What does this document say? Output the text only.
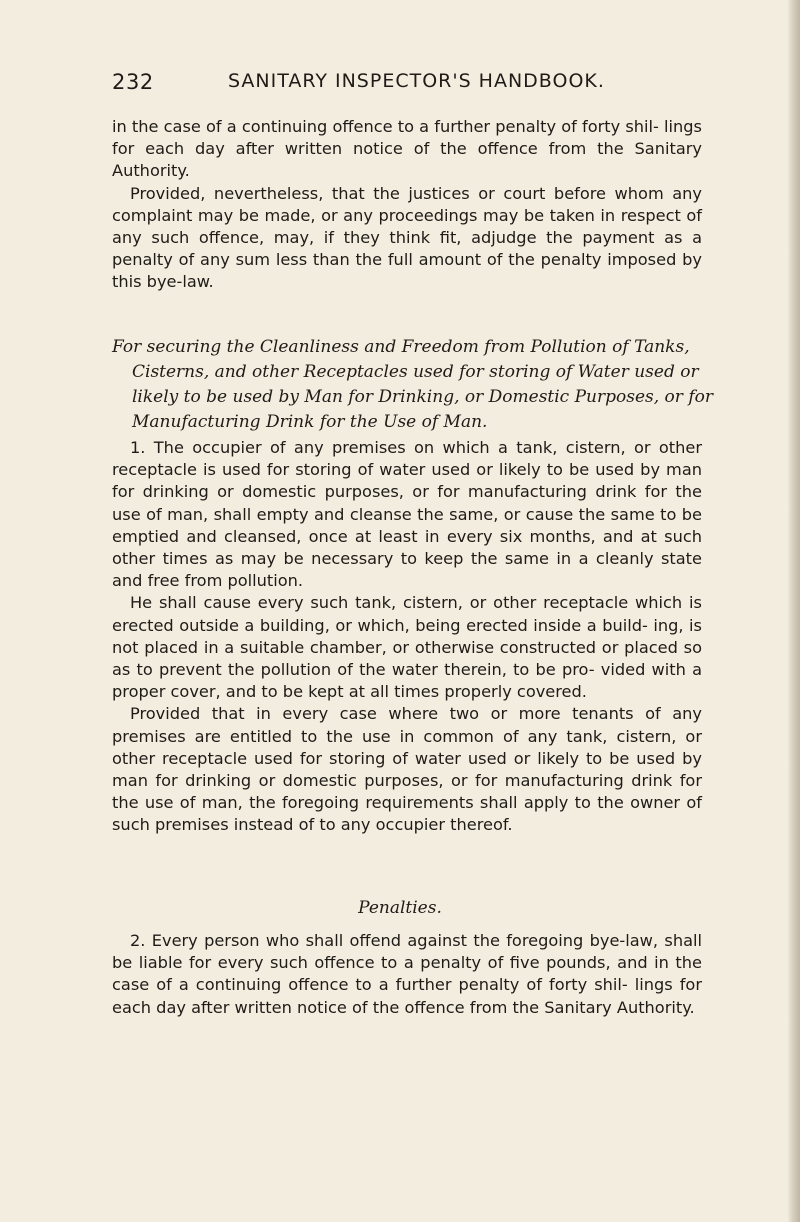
232	SANITARY INSPECTOR'S HANDBOOK.

in the case of a continuing offence to a further penalty of forty shil- lings for each day after written notice of the offence from the Sanitary Authority.

Provided, nevertheless, that the justices or court before whom any complaint may be made, or any proceedings may be taken in respect of any such offence, may, if they think fit, adjudge the payment as a penalty of any sum less than the full amount of the penalty imposed by this bye-law.

For securing the Cleanliness and Freedom from Pollution of Tanks, Cisterns, and other Receptacles used for storing of Water used or likely to be used by Man for Drinking, or Domestic Purposes, or for Manufacturing Drink for the Use of Man.

1. The occupier of any premises on which a tank, cistern, or other receptacle is used for storing of water used or likely to be used by man for drinking or domestic purposes, or for manufacturing drink for the use of man, shall empty and cleanse the same, or cause the same to be emptied and cleansed, once at least in every six months, and at such other times as may be necessary to keep the same in a cleanly state and free from pollution.

He shall cause every such tank, cistern, or other receptacle which is erected outside a building, or which, being erected inside a build- ing, is not placed in a suitable chamber, or otherwise constructed or placed so as to prevent the pollution of the water therein, to be pro- vided with a proper cover, and to be kept at all times properly covered.

Provided that in every case where two or more tenants of any premises are entitled to the use in common of any tank, cistern, or other receptacle used for storing of water used or likely to be used by man for drinking or domestic purposes, or for manufacturing drink for the use of man, the foregoing requirements shall apply to the owner of such premises instead of to any occupier thereof.

Penalties.

2. Every person who shall offend against the foregoing bye-law, shall be liable for every such offence to a penalty of five pounds, and in the case of a continuing offence to a further penalty of forty shil- lings for each day after written notice of the offence from the Sanitary Authority.
